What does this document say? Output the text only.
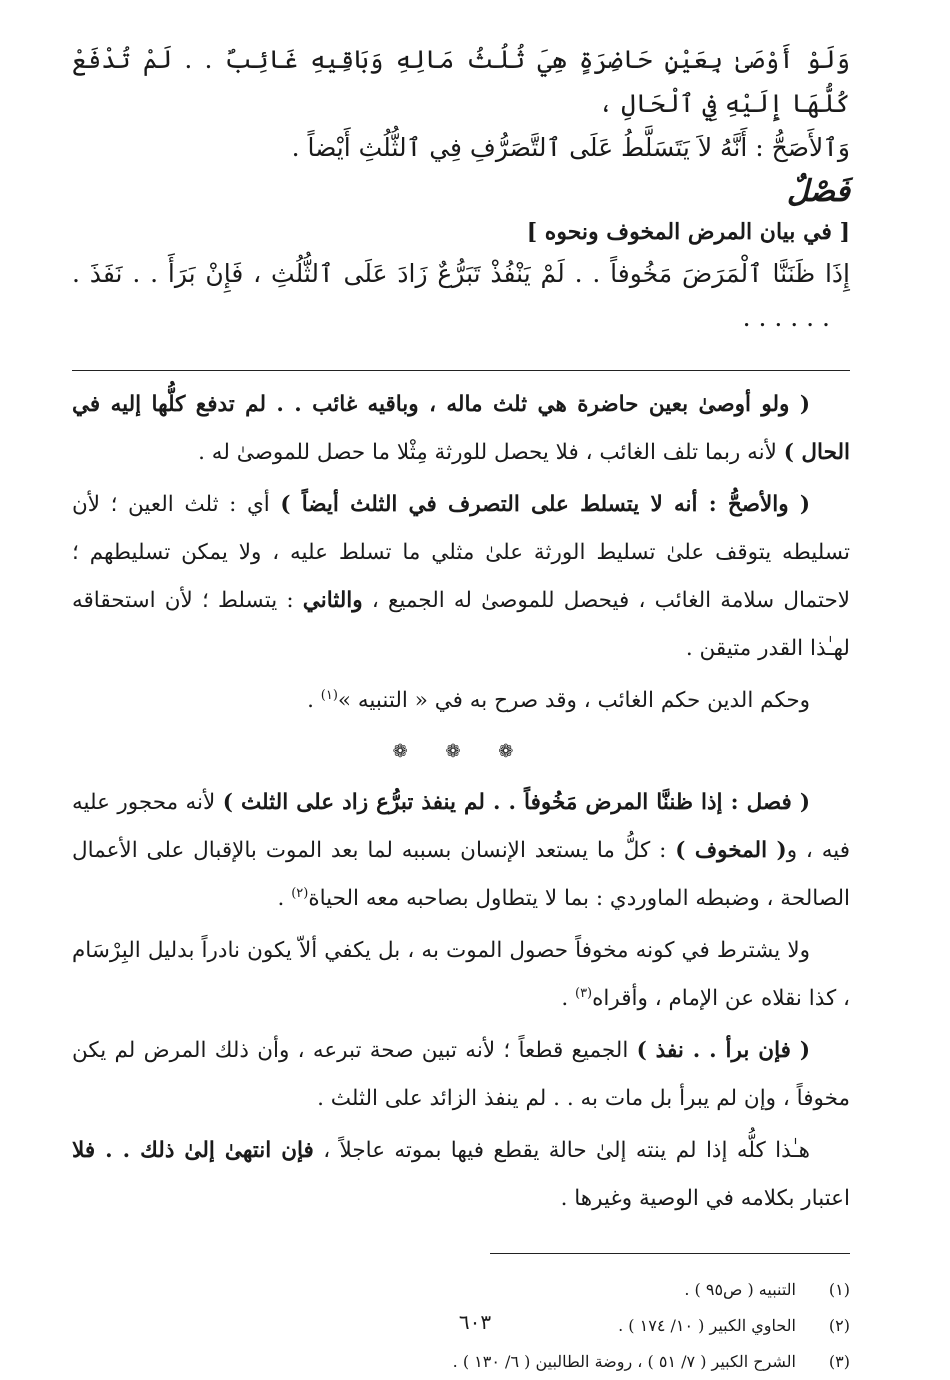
وَلَوْ أَوْصَىٰ بِعَيْنٍ حَاضِرَةٍ هِيَ ثُلُثُ مَالِهِ وَبَاقِيهِ غَائِبٌ . . لَمْ تُدْفَعْ كُلُّهَا إِلَيْهِ فِي ٱلْحَالِ ،

وَٱلأَصَحُّ : أَنَّهُ لاَ يَتَسَلَّطُ عَلَى ٱلتَّصَرُّفِ فِي ٱلثُّلُثِ أَيْضاً .

فَصْلٌ
[ في بيان المرض المخوف ونحوه ]

إِذَا ظَنَنَّا ٱلْمَرَضَ مَخُوفاً . . لَمْ يَنْفُذْ تَبَرُّعٌ زَادَ عَلَى ٱلثُّلُثِ ، فَإِنْ بَرَأَ . . نَفَذَ . . . . . . .

( ولو أوصىٰ بعين حاضرة هي ثلث ماله ، وباقيه غائب . . لم تدفع كلُّها إليه في الحال ) لأنه ربما تلف الغائب ، فلا يحصل للورثة مِثْلا ما حصل للموصىٰ له .

( والأصحُّ : أنه لا يتسلط على التصرف في الثلث أيضاً ) أي : ثلث العين ؛ لأن تسليطه يتوقف علىٰ تسليط الورثة علىٰ مثلي ما تسلط عليه ، ولا يمكن تسليطهم ؛ لاحتمال سلامة الغائب ، فيحصل للموصىٰ له الجميع ، والثاني : يتسلط ؛ لأن استحقاقه لهـٰذا القدر متيقن .

وحكم الدين حكم الغائب ، وقد صرح به في « التنبيه »$^{(١)}$ .

❁ ❁ ❁

( فصل : إذا ظننَّا المرض مَخُوفاً . . لم ينفذ تبرُّع زاد على الثلث ) لأنه محجور عليه فيه ، و( المخوف ) : كلُّ ما يستعد الإنسان بسببه لما بعد الموت بالإقبال على الأعمال الصالحة ، وضبطه الماوردي : بما لا يتطاول بصاحبه معه الحياة$^{(٢)}$ .

ولا يشترط في كونه مخوفاً حصول الموت به ، بل يكفي ألاّ يكون نادراً بدليل البِرْسَام ، كذا نقلاه عن الإمام ، وأقراه$^{(٣)}$ .

( فإن برأ . . نفذ ) الجميع قطعاً ؛ لأنه تبين صحة تبرعه ، وأن ذلك المرض لم يكن مخوفاً ، وإن لم يبرأ بل مات به . . لم ينفذ الزائد على الثلث .

هـٰذا كلُّه إذا لم ينته إلىٰ حالة يقطع فيها بموته عاجلاً ، فإن انتهىٰ إلىٰ ذلك . . فلا اعتبار بكلامه في الوصية وغيرها .

(١)
التنبيه ( ص٩٥ ) .
(٢)
الحاوي الكبير ( ١٠/ ١٧٤ ) .
(٣)
الشرح الكبير ( ٧/ ٥١ ) ، روضة الطالبين ( ٦/ ١٣٠ ) .
٦٠٣
